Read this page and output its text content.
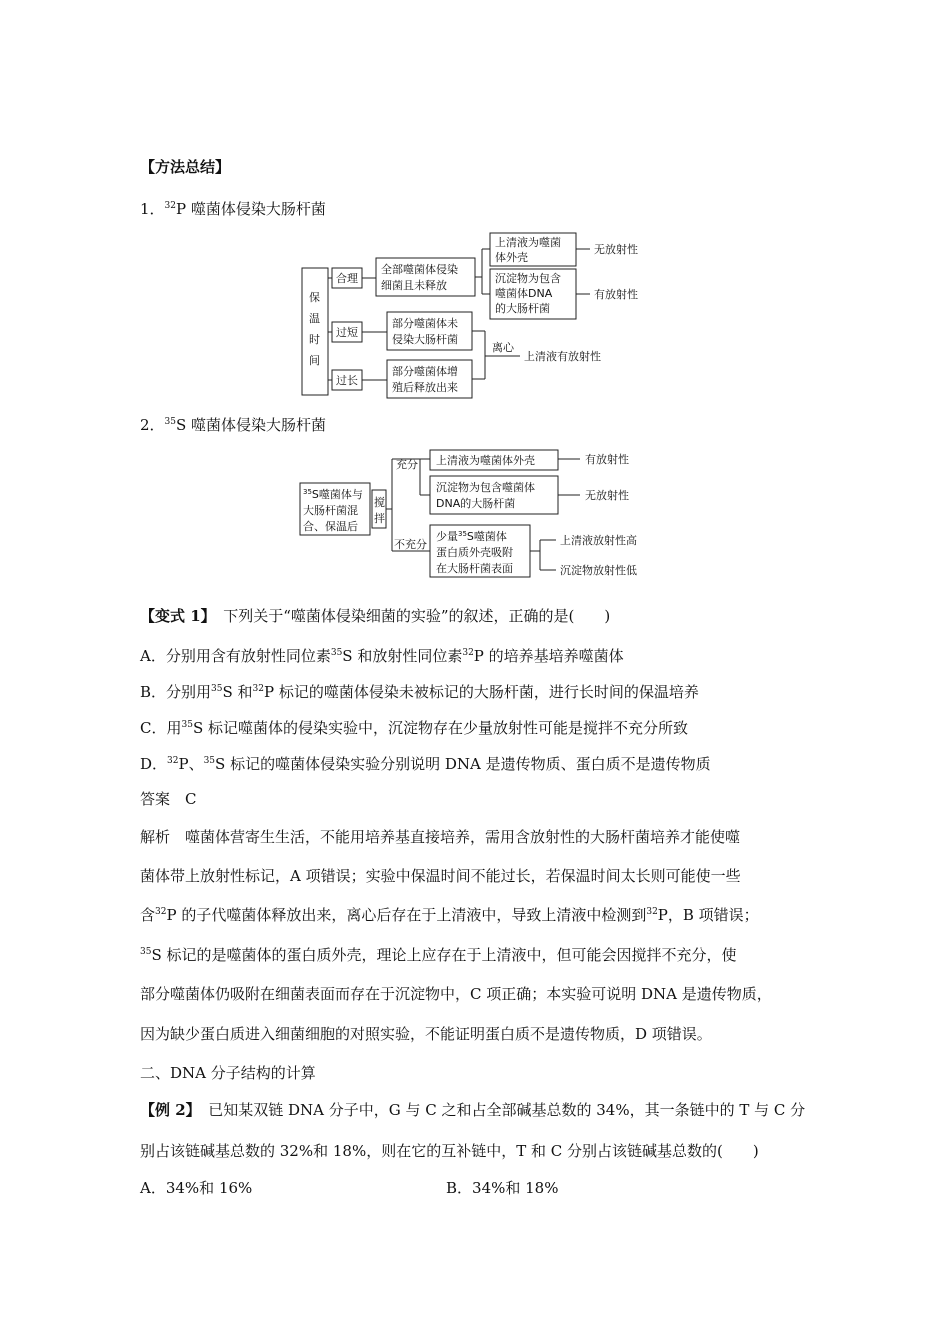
【方法总结】
1．$^{32}$P 噬菌体侵染大肠杆菌
保
温
时
间
合理
过短
过长
全部噬菌体侵染
细菌且未释放
部分噬菌体未
侵染大肠杆菌
部分噬菌体增
殖后释放出来
上清液为噬菌
体外壳
沉淀物为包含
噬菌体DNA
的大肠杆菌
无放射性
有放射性
离心
上清液有放射性
2．$^{35}$S 噬菌体侵染大肠杆菌
$^{35}$S噬菌体与
大肠杆菌混
合、保温后
搅
拌
充分
不充分
上清液为噬菌体外壳
沉淀物为包含噬菌体
DNA的大肠杆菌
少量$^{35}$S噬菌体
蛋白质外壳吸附
在大肠杆菌表面
有放射性
无放射性
上清液放射性高
沉淀物放射性低
【变式 1】　 下列关于“噬菌体侵染细菌的实验”的叙述，正确的是(　　)
A．分别用含有放射性同位素$^{35}$S 和放射性同位素$^{32}$P 的培养基培养噬菌体
B．分别用$^{35}$S 和$^{32}$P 标记的噬菌体侵染未被标记的大肠杆菌，进行长时间的保温培养
C．用$^{35}$S 标记噬菌体的侵染实验中，沉淀物存在少量放射性可能是搅拌不充分所致
D．$^{32}$P、$^{35}$S 标记的噬菌体侵染实验分别说明 DNA 是遗传物质、蛋白质不是遗传物质
答案　C
解析　噬菌体营寄生生活，不能用培养基直接培养，需用含放射性的大肠杆菌培养才能使噬
菌体带上放射性标记，A 项错误；实验中保温时间不能过长，若保温时间太长则可能使一些
含$^{32}$P 的子代噬菌体释放出来，离心后存在于上清液中，导致上清液中检测到$^{32}$P，B 项错误；
$^{35}$S 标记的是噬菌体的蛋白质外壳，理论上应存在于上清液中，但可能会因搅拌不充分，使
部分噬菌体仍吸附在细菌表面而存在于沉淀物中，C 项正确；本实验可说明 DNA 是遗传物质，
因为缺少蛋白质进入细菌细胞的对照实验，不能证明蛋白质不是遗传物质，D 项错误。
二、DNA 分子结构的计算
【例 2】　 已知某双链 DNA 分子中，G 与 C 之和占全部碱基总数的 34%，其一条链中的 T 与 C 分
别占该链碱基总数的 32%和 18%，则在它的互补链中，T 和 C 分别占该链碱基总数的(　　)
A．34%和 16%	B．34%和 18%
